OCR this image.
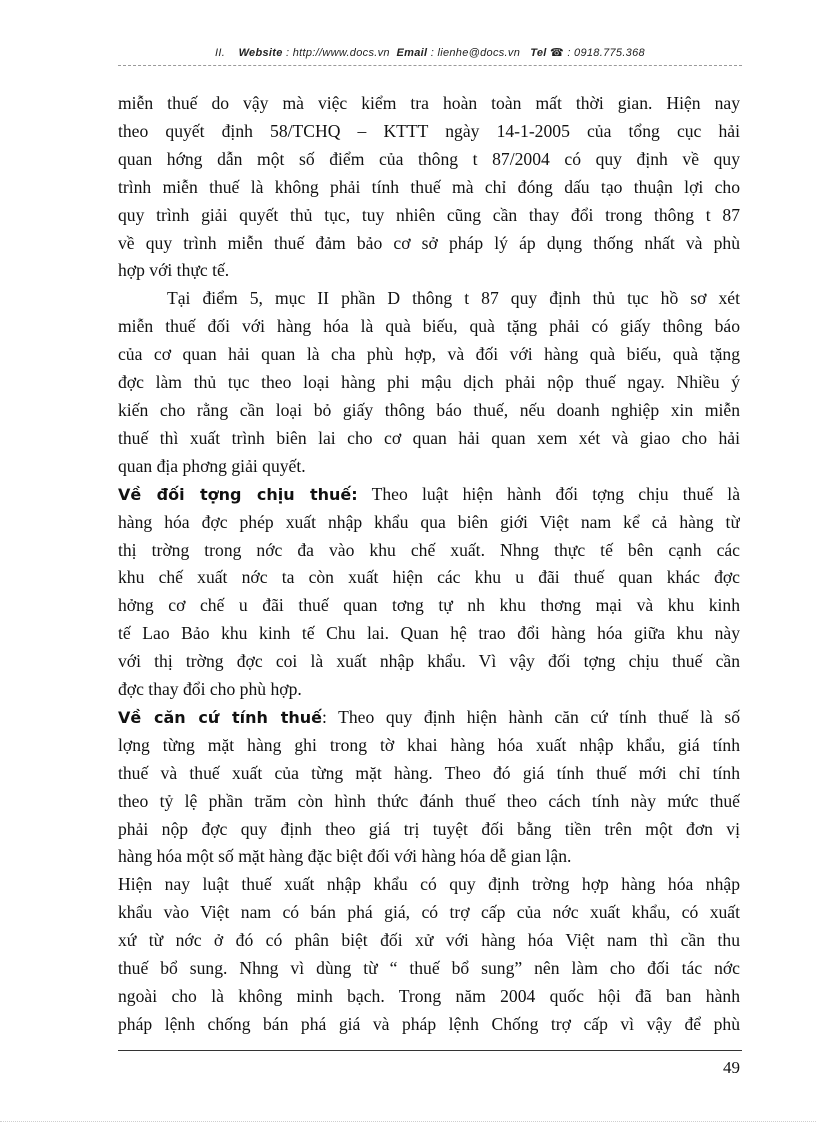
II. Website : http://www.docs.vn Email : lienhe@docs.vn Tel ☎ : 0918.775.368

miễn thuế do vậy mà việc kiểm tra hoàn toàn mất thời gian. Hiện nay

theo quyết định 58/TCHQ – KTTT ngày 14-1-2005 của tổng cục hải

quan hớng dẫn một số điểm của thông t 87/2004 có quy định về quy

trình miễn thuế là không phải tính thuế mà chỉ đóng dấu tạo thuận lợi cho

quy trình giải quyết thủ tục, tuy nhiên cũng cần thay đổi trong thông t 87

về quy trình miễn thuế đảm bảo cơ sở pháp lý áp dụng thống nhất và phù

hợp với thực tế.

Tại điểm 5, mục II phần D thông t 87 quy định thủ tục hồ sơ xét

miễn thuế đối với hàng hóa là quà biếu, quà tặng phải có giấy thông báo

của cơ quan hải quan là cha phù hợp, và đối với hàng quà biếu, quà tặng

đợc làm thủ tục theo loại hàng phi mậu dịch phải nộp thuế ngay. Nhiều ý

kiến cho rằng cần loại bỏ giấy thông báo thuế, nếu doanh nghiệp xin miễn

thuế thì xuất trình biên lai cho cơ quan hải quan xem xét và giao cho hải

quan địa phơng giải quyết.

Về đối tợng chịu thuế: Theo luật hiện hành đối tợng chịu thuế là

hàng hóa đợc phép xuất nhập khẩu qua biên giới Việt nam kể cả hàng từ

thị trờng trong nớc đa vào khu chế xuất. Nhng thực tế bên cạnh các

khu chế xuất nớc ta còn xuất hiện các khu u đãi thuế quan khác đợc

hởng cơ chế u đãi thuế quan tơng tự nh khu thơng mại và khu kinh

tế Lao Bảo khu kinh tế Chu lai. Quan hệ trao đổi hàng hóa giữa khu này

với thị trờng đợc coi là xuất nhập khẩu. Vì vậy đối tợng chịu thuế cần

đợc thay đổi cho phù hợp.

Về căn cứ tính thuế: Theo quy định hiện hành căn cứ tính thuế là số

lợng từng mặt hàng ghi trong tờ khai hàng hóa xuất nhập khẩu, giá tính

thuế và thuế xuất của từng mặt hàng. Theo đó giá tính thuế mới chỉ tính

theo tỷ lệ phần trăm còn hình thức đánh thuế theo cách tính này mức thuế

phải nộp đợc quy định theo giá trị tuyệt đối bằng tiền trên một đơn vị

hàng hóa một số mặt hàng đặc biệt đối với hàng hóa dễ gian lận.

Hiện nay luật thuế xuất nhập khẩu có quy định trờng hợp hàng hóa nhập

khẩu vào Việt nam có bán phá giá, có trợ cấp của nớc xuất khẩu, có xuất

xứ từ nớc ở đó có phân biệt đối xử với hàng hóa Việt nam thì cần thu

thuế bổ sung. Nhng vì dùng từ “ thuế bổ sung” nên làm cho đối tác nớc

ngoài cho là không minh bạch. Trong năm 2004 quốc hội đã ban hành

pháp lệnh chống bán phá giá và pháp lệnh Chống trợ cấp vì vậy để phù

49
